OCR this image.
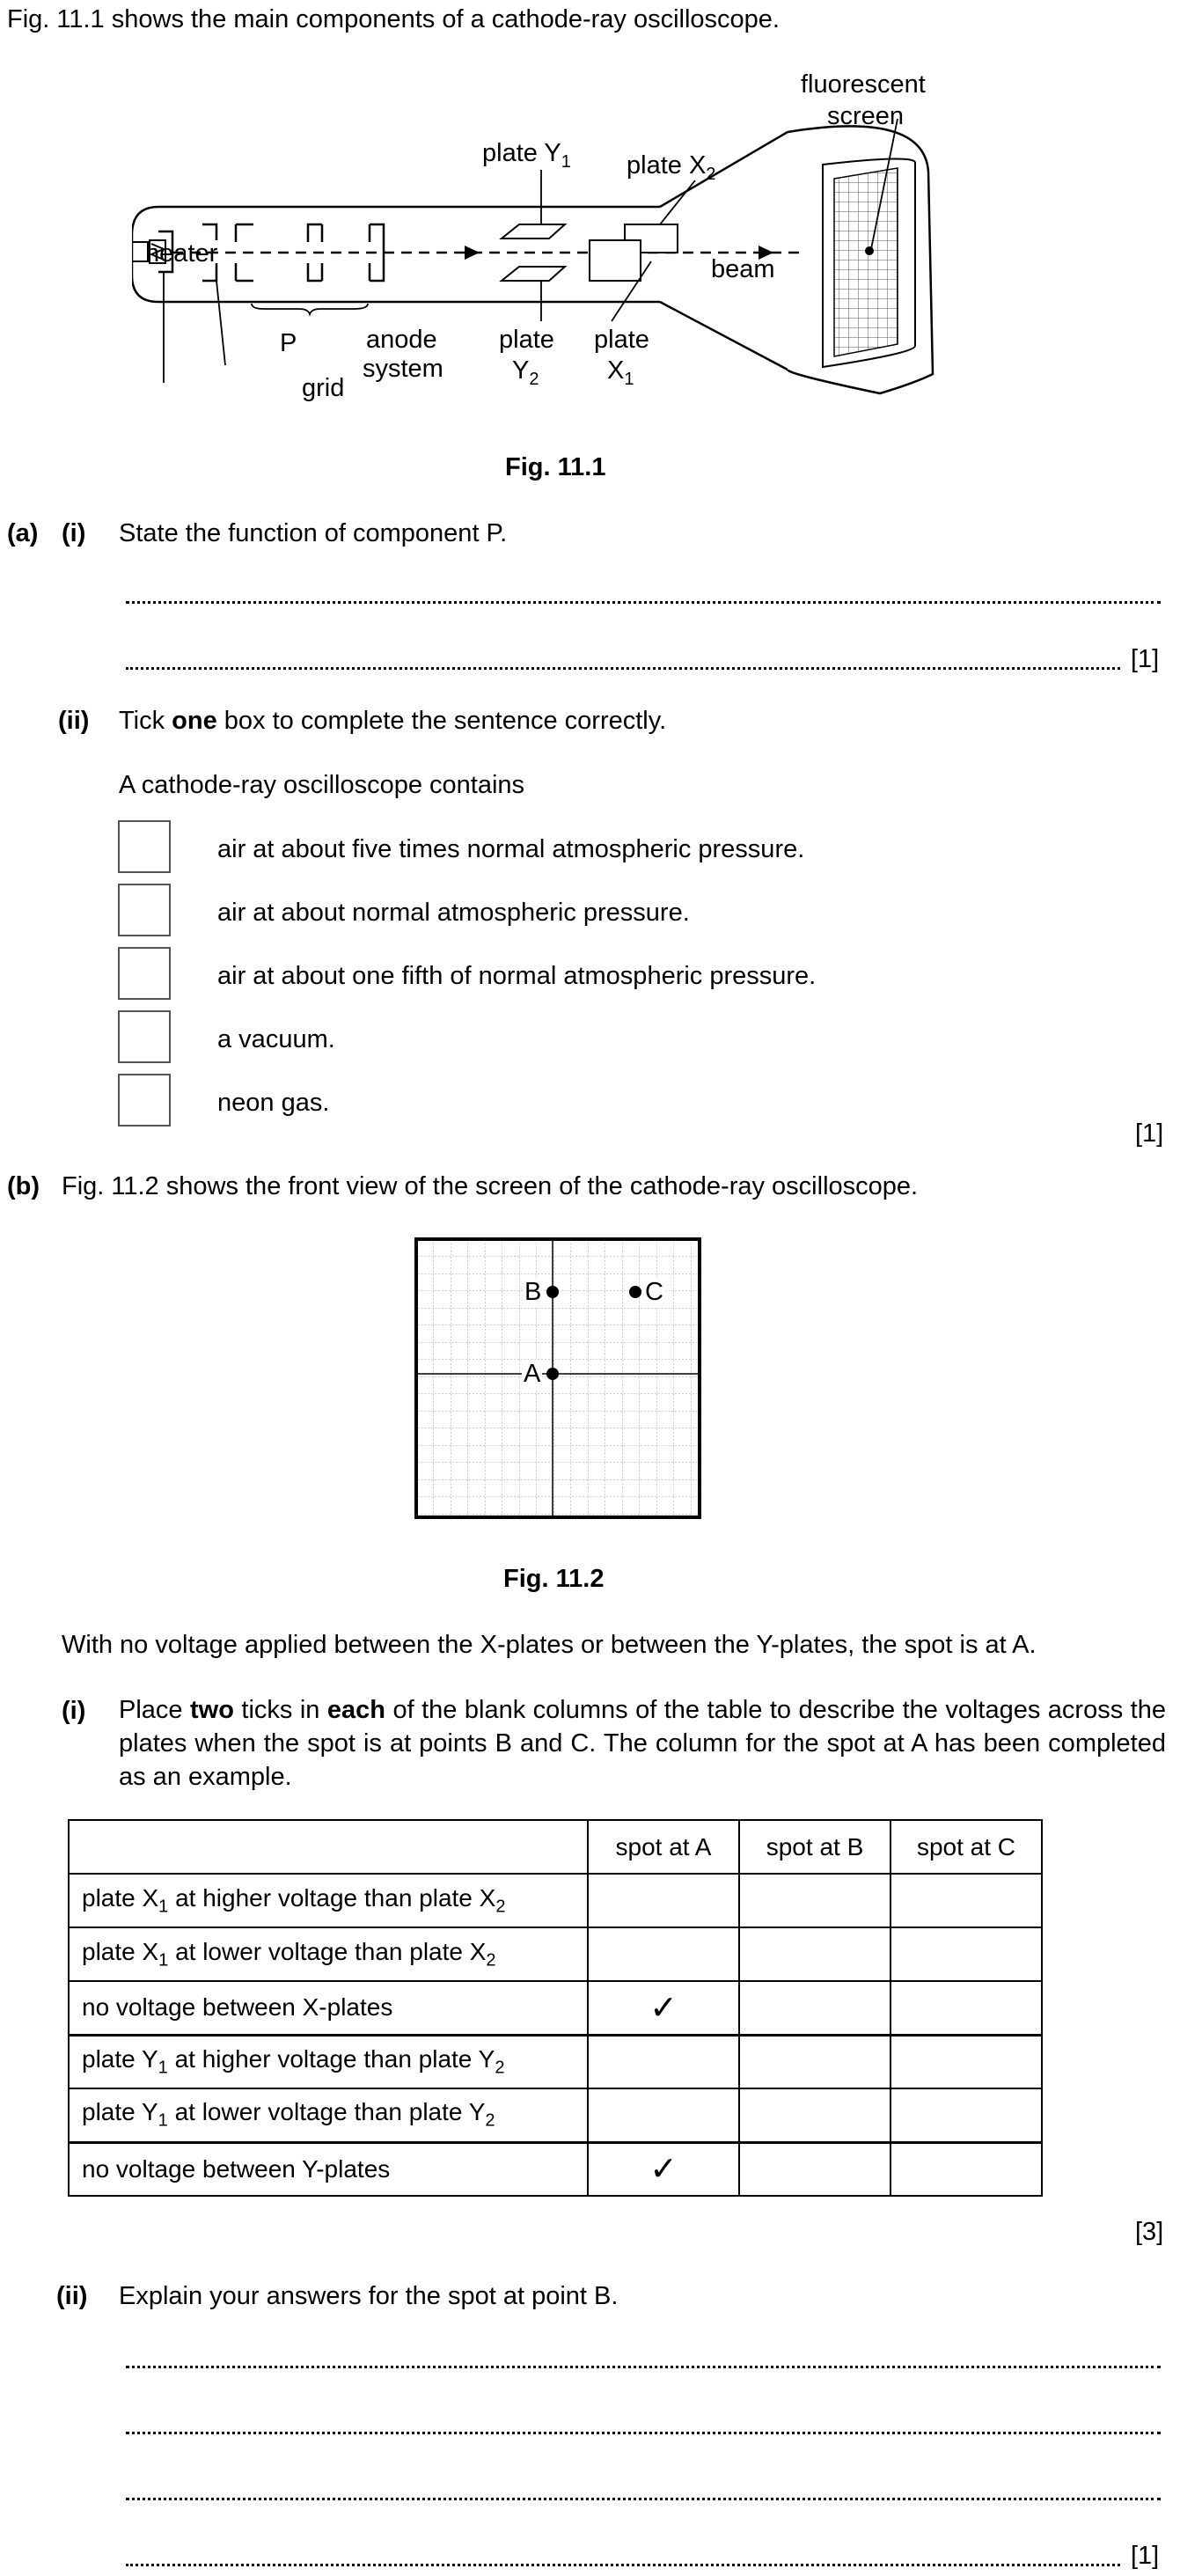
Fig. 11.1 shows the main components of a cathode-ray oscilloscope.
fluorescent
screen
plate $Y_1$ plate $X_2$
heater
beam
P
grid
anode
system
plate
$Y_2$
plate
$X_1$
Fig. 11.1
(a) (i) State the function of component P.
[1]
(ii) Tick one box to complete the sentence correctly.
A cathode-ray oscilloscope contains
air at about five times normal atmospheric pressure.
air at about normal atmospheric pressure.
air at about one fifth of normal atmospheric pressure.
a vacuum.
neon gas.
[1]
(b) Fig. 11.2 shows the front view of the screen of the cathode-ray oscilloscope.
B	C
A
Fig. 11.2
With no voltage applied between the X-plates or between the Y-plates, the spot is at A.
(i) Place two ticks in each of the blank columns of the table to describe the voltages across the plates when the spot is at points B and C. The column for the spot at A has been completed as an example.
	spot at A	spot at B	spot at C
plate $X_1$ at higher voltage than plate $X_2$			
plate $X_1$ at lower voltage than plate $X_2$			
no voltage between X-plates	✓		
plate $Y_1$ at higher voltage than plate $Y_2$			
plate $Y_1$ at lower voltage than plate $Y_2$			
no voltage between Y-plates	✓		
[3]
(ii) Explain your answers for the spot at point B.
[1]
